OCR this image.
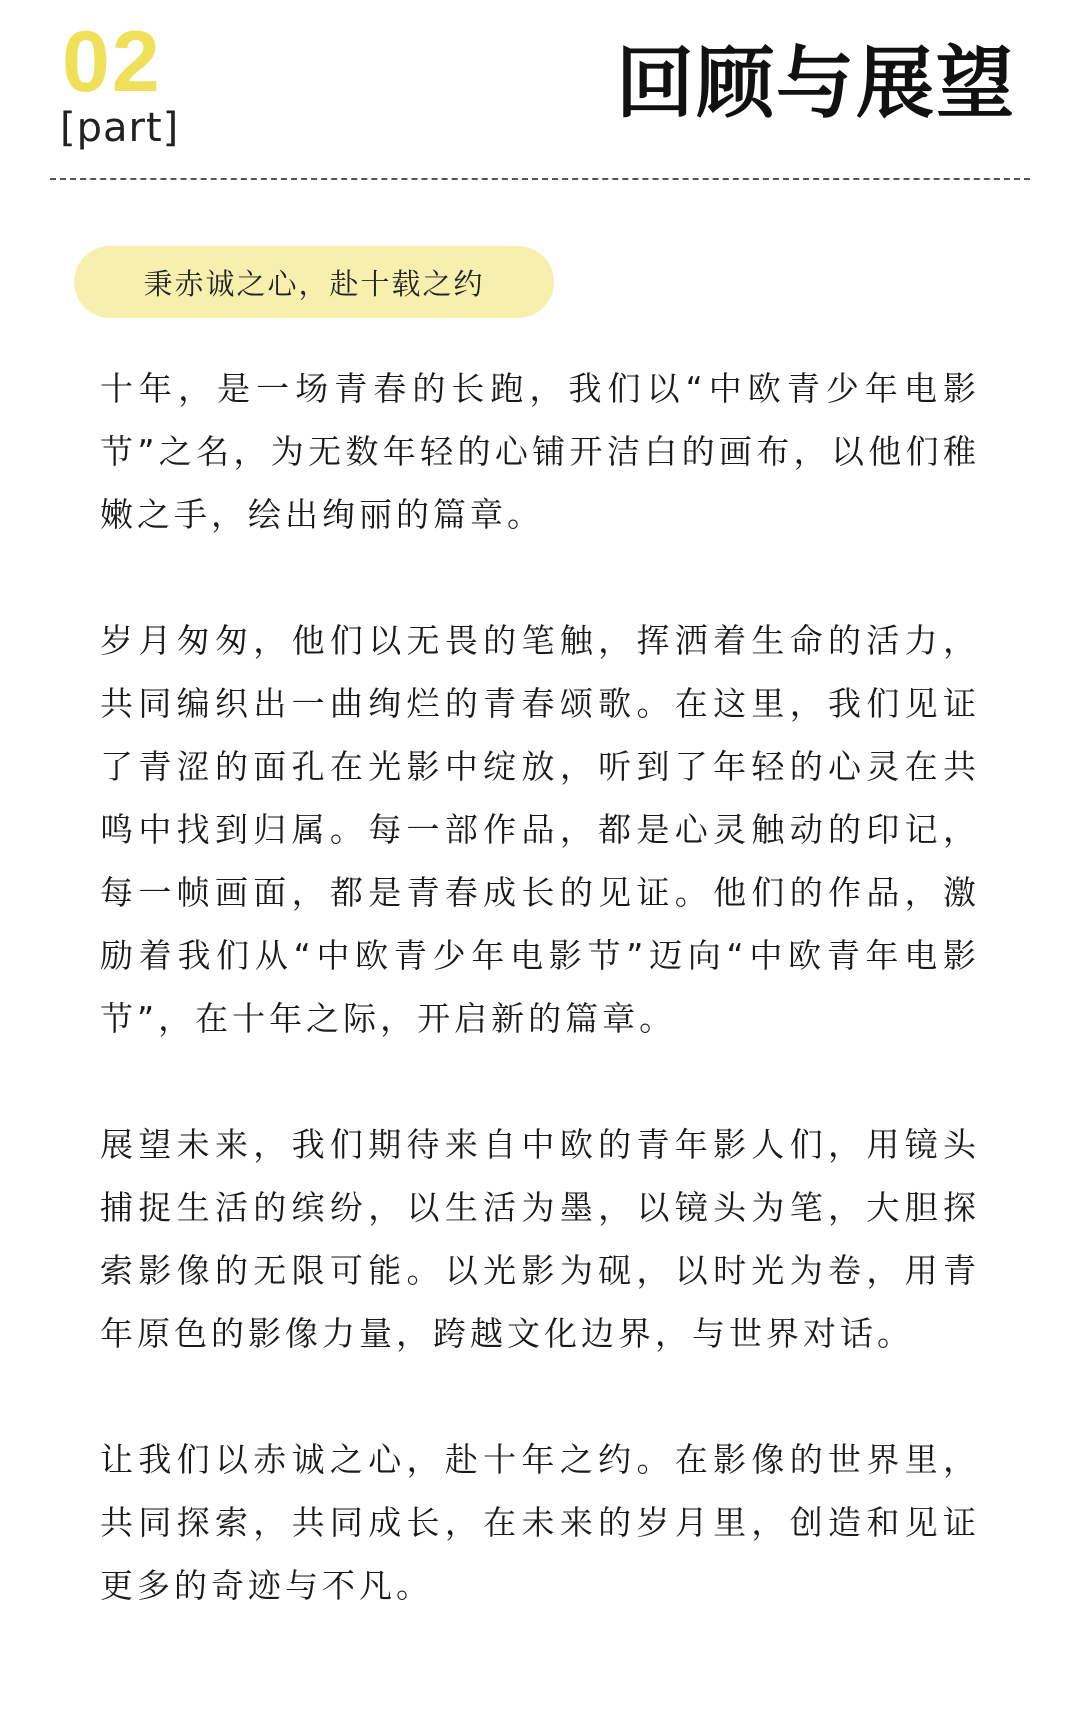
02
[part]	回顾与展望
秉赤诚之心，赴十载之约

十年，是一场青春的长跑，我们以“中欧青少年电影节”之名，为无数年轻的心铺开洁白的画布，以他们稚嫩之手，绘出绚丽的篇章。

岁月匆匆，他们以无畏的笔触，挥洒着生命的活力，共同编织出一曲绚烂的青春颂歌。在这里，我们见证了青涩的面孔在光影中绽放，听到了年轻的心灵在共鸣中找到归属。每一部作品，都是心灵触动的印记，每一帧画面，都是青春成长的见证。他们的作品，激励着我们从“中欧青少年电影节”迈向“中欧青年电影节”，在十年之际，开启新的篇章。

展望未来，我们期待来自中欧的青年影人们，用镜头捕捉生活的缤纷，以生活为墨，以镜头为笔，大胆探索影像的无限可能。以光影为砚，以时光为卷，用青年原色的影像力量，跨越文化边界，与世界对话。

让我们以赤诚之心，赴十年之约。在影像的世界里，共同探索，共同成长，在未来的岁月里，创造和见证更多的奇迹与不凡。
